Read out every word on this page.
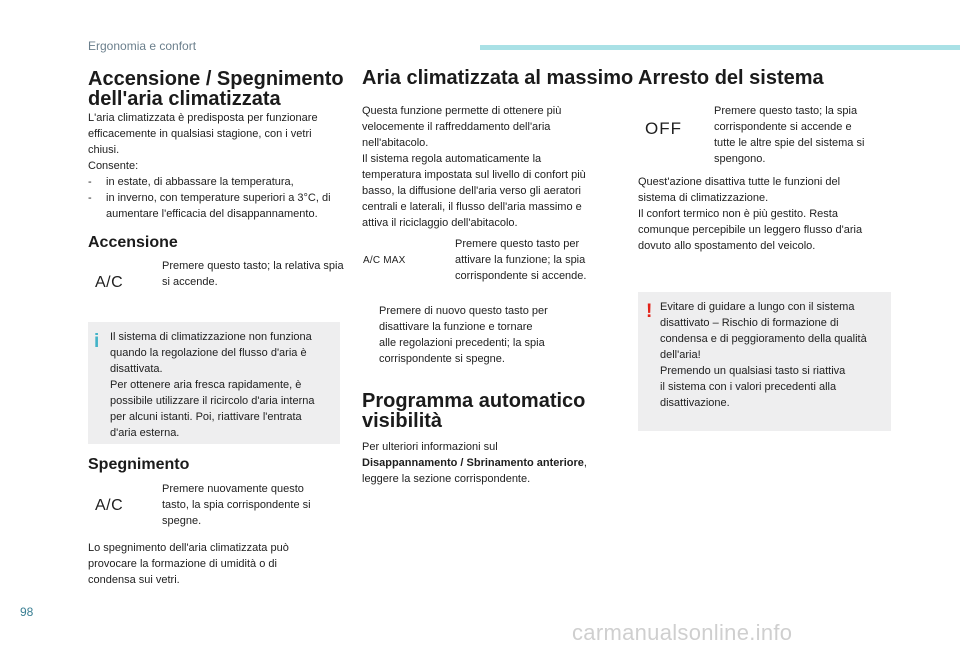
Ergonomia e confort
98
carmanualsonline.info
Accensione / Spegnimento dell'aria climatizzata

L'aria climatizzata è predisposta per funzionare

efficacemente in qualsiasi stagione, con i vetri

chiusi.

Consente:

- in estate, di abbassare la temperatura,
- in inverno, con temperature superiori a 3°C, di aumentare l'efficacia del disappannamento.
Accensione
A/C
Premere questo tasto; la relativa spia si accende.
i Il sistema di climatizzazione non funziona
quando la regolazione del flusso d'aria è
disattivata.
Per ottenere aria fresca rapidamente, è
possibile utilizzare il ricircolo d'aria interna
per alcuni istanti. Poi, riattivare l'entrata
d'aria esterna.
Spegnimento
A/C
Premere nuovamente questo
tasto, la spia corrispondente si
spegne.

Lo spegnimento dell'aria climatizzata può

provocare la formazione di umidità o di

condensa sui vetri.

Aria climatizzata al massimo

Questa funzione permette di ottenere più

velocemente il raffreddamento dell'aria

nell'abitacolo.

Il sistema regola automaticamente la

temperatura impostata sul livello di confort più

basso, la diffusione dell'aria verso gli aeratori

centrali e laterali, il flusso dell'aria massimo e

attiva il riciclaggio dell'abitacolo.

A/C MAX
Premere questo tasto per
attivare la funzione; la spia
corrispondente si accende.
Premere di nuovo questo tasto per
disattivare la funzione e tornare
alle regolazioni precedenti; la spia
corrispondente si spegne.
Programma automatico
visibilità

Per ulteriori informazioni sul

Disappannamento / Sbrinamento anteriore,

leggere la sezione corrispondente.

Arresto del sistema
OFF
Premere questo tasto; la spia
corrispondente si accende e
tutte le altre spie del sistema si
spengono.

Quest'azione disattiva tutte le funzioni del

sistema di climatizzazione.

Il confort termico non è più gestito. Resta

comunque percepibile un leggero flusso d'aria

dovuto allo spostamento del veicolo.

! Evitare di guidare a lungo con il sistema
disattivato – Rischio di formazione di
condensa e di peggioramento della qualità
dell'aria!
Premendo un qualsiasi tasto si riattiva
il sistema con i valori precedenti alla
disattivazione.
